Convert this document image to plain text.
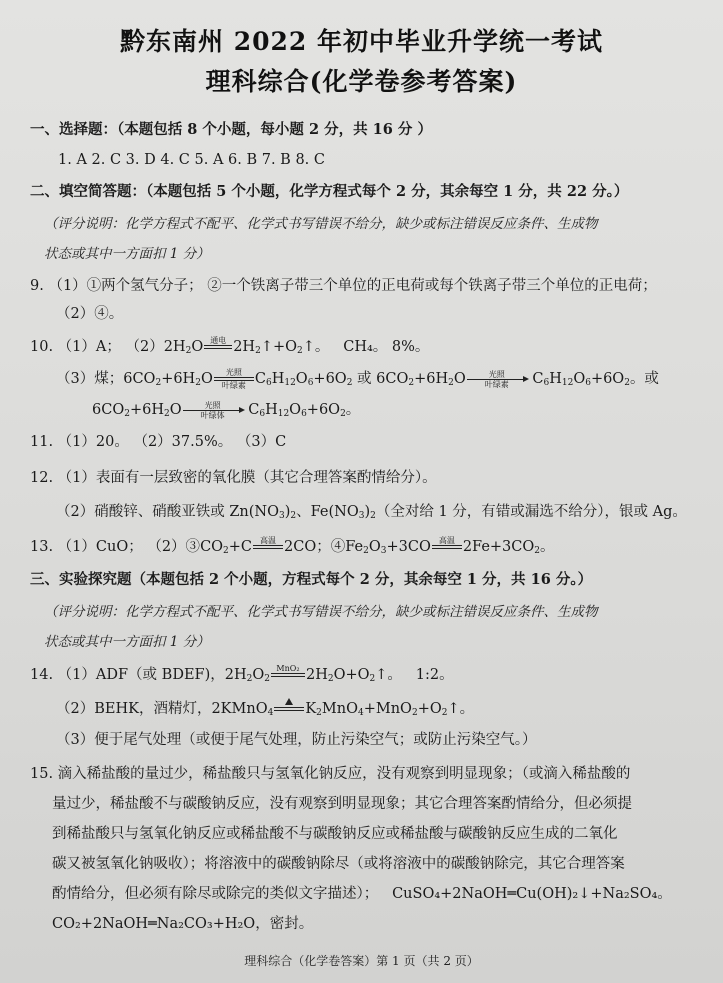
黔东南州 2022 年初中毕业升学统一考试
理科综合(化学卷参考答案)
一、选择题：（本题包括 8 个小题，每小题 2 分，共 16 分 ）
1. A 2. C 3. D 4. C 5. A 6. B 7. B 8. C
二、填空简答题：（本题包括 5 个小题，化学方程式每个 2 分，其余每空 1 分，共 22 分。）
（评分说明：化学方程式不配平、化学式书写错误不给分，缺少或标注错误反应条件、生成物
状态或其中一方面扣 1 分）
9. （1）①两个氢气分子； ②一个铁离子带三个单位的正电荷或每个铁离子带三个单位的正电荷；
（2）④。
10. （1）A； $(2)2H_2O$ 通电
$2H_2↑+O_2↑$。   CH₄。 8%。
（3）煤；$6CO_2+6H_2O$	光照
叶绿素 $C_6H_{12}O_6+6O_2$ 或 $6CO_2+6H_2O$	光照
叶绿素	$C_6H_{12}O_6+6O_2$。或
$6CO_2+6H_2O$	光照
叶绿体	$C_6H_{12}O_6+6O_2$。
11. （1）20。 （2）37.5%。 （3）C
12. （1）表面有一层致密的氧化膜（其它合理答案酌情给分）。
（2）硝酸锌、硝酸亚铁或 $Zn(NO_3)_2$、$Fe(NO_3)_2$（全对给 1 分，有错或漏选不给分），银或 Ag。
13. （1）CuO； $(2)③CO_2+C$	高温
2CO；$④Fe_2O_3+3CO$	高温
$2Fe+3CO_2$。
三、实验探究题（本题包括 2 个小题，方程式每个 2 分，其余每空 1 分，共 16 分。）
（评分说明：化学方程式不配平、化学式书写错误不给分，缺少或标注错误反应条件、生成物
状态或其中一方面扣 1 分）
14. （1）ADF（或 BDEF)，$2H_2O_2$
MnO₂
$2H_2O+O_2↑$。   1:2。
（2）BEHK，酒精灯，2KMnO$_4$
$K_2MnO_4+MnO_2+O_2↑$。
（3）便于尾气处理（或便于尾气处理，防止污染空气；或防止污染空气。）
15. 滴入稀盐酸的量过少，稀盐酸只与氢氧化钠反应，没有观察到明显现象；（或滴入稀盐酸的
量过少，稀盐酸不与碳酸钠反应，没有观察到明显现象；其它合理答案酌情给分，但必须提
到稀盐酸只与氢氧化钠反应或稀盐酸不与碳酸钠反应或稀盐酸与碳酸钠反应生成的二氧化
碳又被氢氧化钠吸收）；将溶液中的碳酸钠除尽（或将溶液中的碳酸钠除完，其它合理答案
酌情给分，但必须有除尽或除完的类似文字描述）； CuSO₄+2NaOH═Cu(OH)₂↓+Na₂SO₄。
CO₂+2NaOH═Na₂CO₃+H₂O，密封。
理科综合（化学卷答案）第 1 页（共 2 页）
